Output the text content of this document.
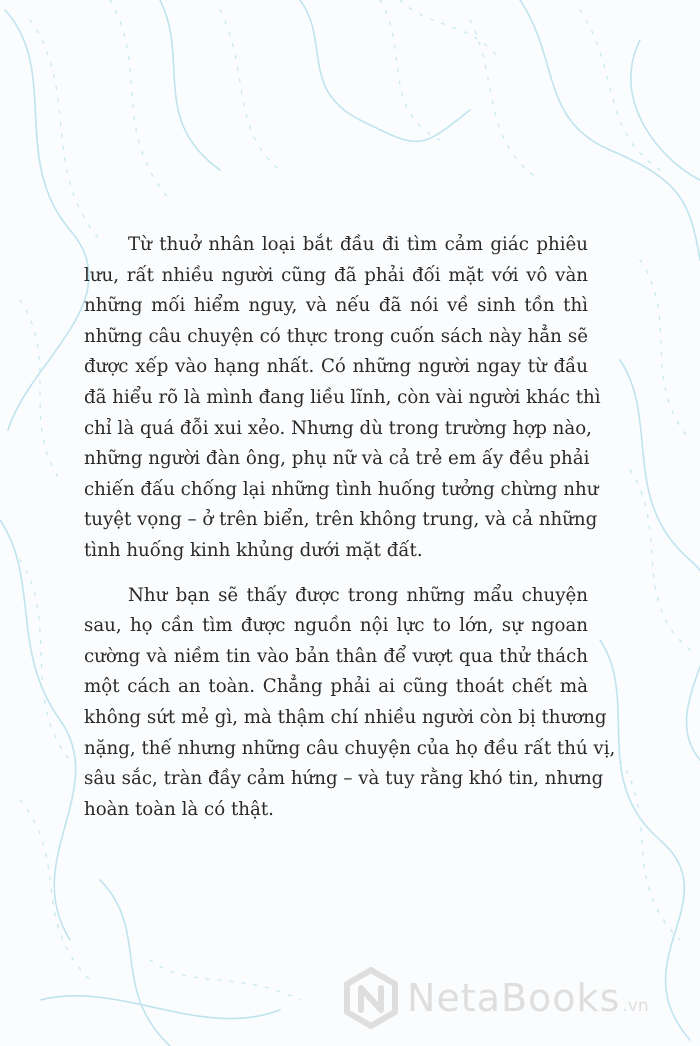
Từ thuở nhân loại bắt đầu đi tìm cảm giác phiêu
lưu, rất nhiều người cũng đã phải đối mặt với vô vàn
những mối hiểm nguy, và nếu đã nói về sinh tồn thì
những câu chuyện có thực trong cuốn sách này hẳn sẽ
được xếp vào hạng nhất. Có những người ngay từ đầu
đã hiểu rõ là mình đang liều lĩnh, còn vài người khác thì
chỉ là quá đỗi xui xẻo. Nhưng dù trong trường hợp nào,
những người đàn ông, phụ nữ và cả trẻ em ấy đều phải
chiến đấu chống lại những tình huống tưởng chừng như
tuyệt vọng – ở trên biển, trên không trung, và cả những
tình huống kinh khủng dưới mặt đất.
Như bạn sẽ thấy được trong những mẩu chuyện
sau, họ cần tìm được nguồn nội lực to lớn, sự ngoan
cường và niềm tin vào bản thân để vượt qua thử thách
một cách an toàn. Chẳng phải ai cũng thoát chết mà
không sứt mẻ gì, mà thậm chí nhiều người còn bị thương
nặng, thế nhưng những câu chuyện của họ đều rất thú vị,
sâu sắc, tràn đầy cảm hứng – và tuy rằng khó tin, nhưng
hoàn toàn là có thật.
NetaBooks .vn
